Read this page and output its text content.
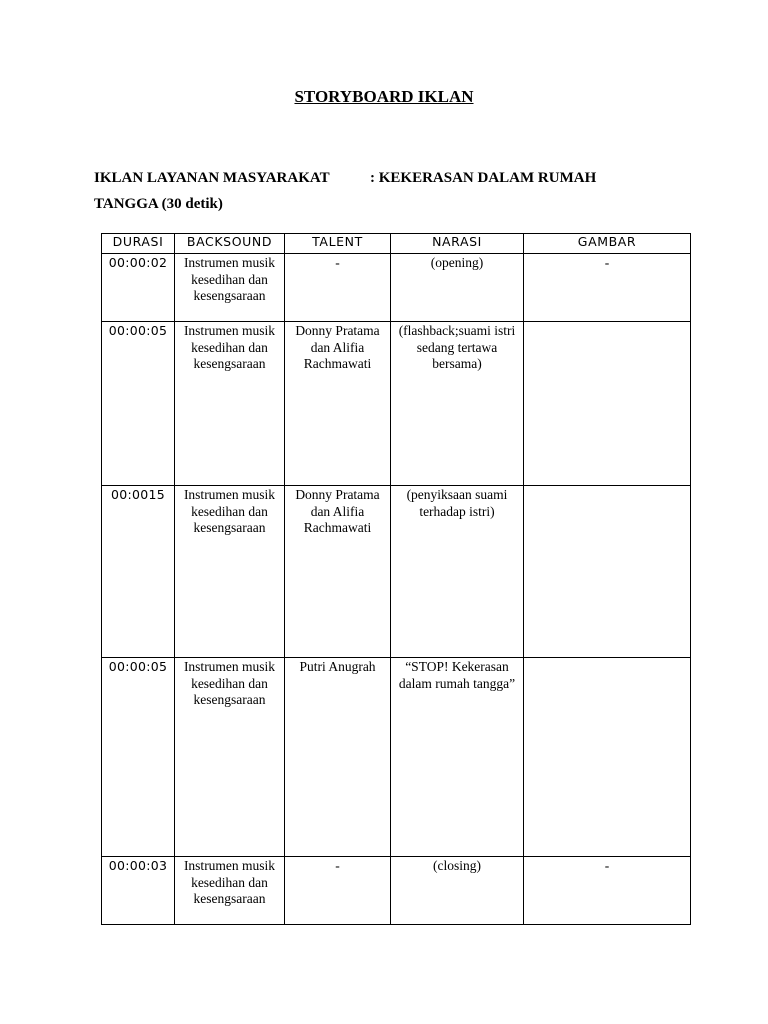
STORYBOARD IKLAN
IKLAN LAYANAN MASYARAKAT	: KEKERASAN DALAM RUMAH
TANGGA (30 detik)
DURASI	BACKSOUND	TALENT	NARASI	GAMBAR
00:00:02	Instrumen musik kesedihan dan kesengsaraan	-	(opening)	-
00:00:05	Instrumen musik kesedihan dan kesengsaraan	Donny Pratama dan Alifia Rachmawati	(flashback;suami istri sedang tertawa bersama)	
00:0015	Instrumen musik kesedihan dan kesengsaraan	Donny Pratama dan Alifia Rachmawati	(penyiksaan suami terhadap istri)	
00:00:05	Instrumen musik kesedihan dan kesengsaraan	Putri Anugrah	“STOP! Kekerasan dalam rumah tangga”	
00:00:03	Instrumen musik kesedihan dan kesengsaraan	-	(closing)	-
